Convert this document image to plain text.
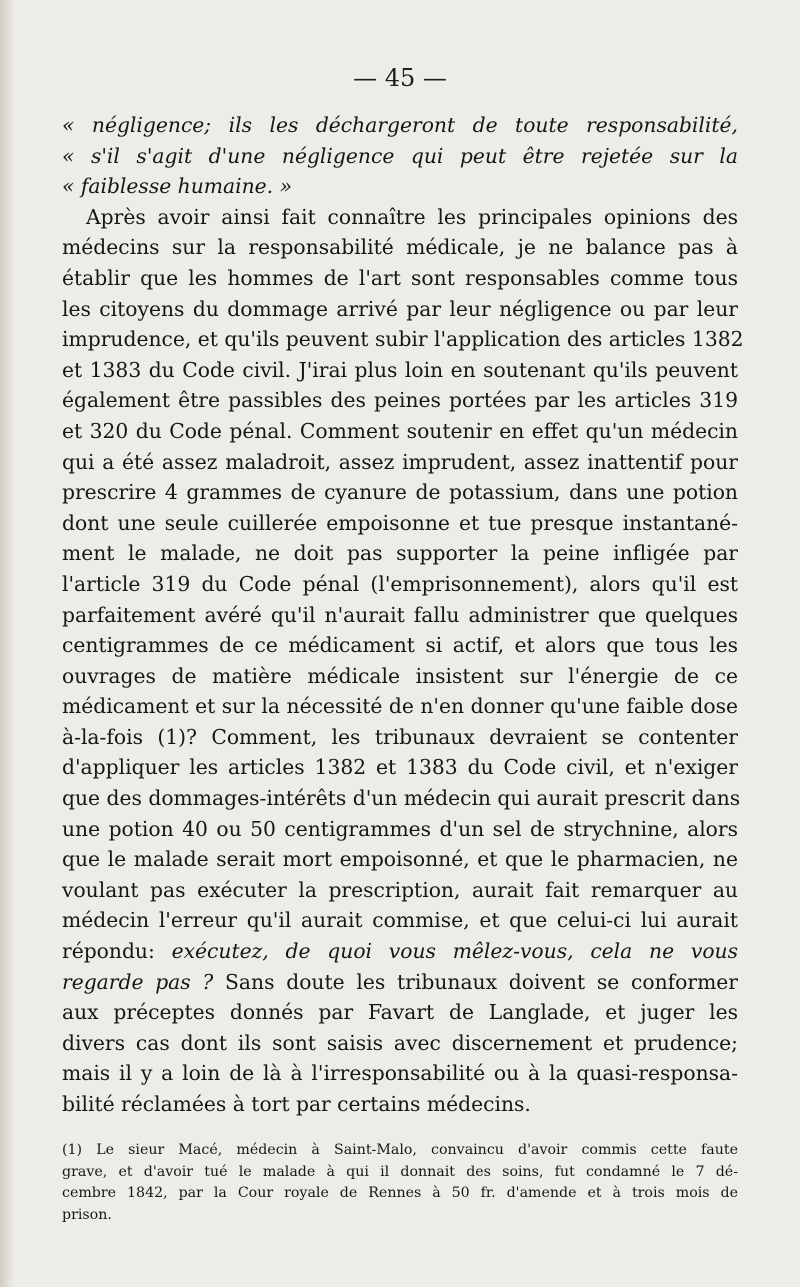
— 45 —
« négligence; ils les déchargeront de toute responsabilité,
« s'il s'agit d'une négligence qui peut être rejetée sur la
« faiblesse humaine. »
Après avoir ainsi fait connaître les principales opinions des
médecins sur la responsabilité médicale, je ne balance pas à
établir que les hommes de l'art sont responsables comme tous
les citoyens du dommage arrivé par leur négligence ou par leur
imprudence, et qu'ils peuvent subir l'application des articles 1382
et 1383 du Code civil. J'irai plus loin en soutenant qu'ils peuvent
également être passibles des peines portées par les articles 319
et 320 du Code pénal. Comment soutenir en effet qu'un médecin
qui a été assez maladroit, assez imprudent, assez inattentif pour
prescrire 4 grammes de cyanure de potassium, dans une potion
dont une seule cuillerée empoisonne et tue presque instantané-
ment le malade, ne doit pas supporter la peine infligée par
l'article 319 du Code pénal (l'emprisonnement), alors qu'il est
parfaitement avéré qu'il n'aurait fallu administrer que quelques
centigrammes de ce médicament si actif, et alors que tous les
ouvrages de matière médicale insistent sur l'énergie de ce
médicament et sur la nécessité de n'en donner qu'une faible dose
à-la-fois (1)? Comment, les tribunaux devraient se contenter
d'appliquer les articles 1382 et 1383 du Code civil, et n'exiger
que des dommages-intérêts d'un médecin qui aurait prescrit dans
une potion 40 ou 50 centigrammes d'un sel de strychnine, alors
que le malade serait mort empoisonné, et que le pharmacien, ne
voulant pas exécuter la prescription, aurait fait remarquer au
médecin l'erreur qu'il aurait commise, et que celui-ci lui aurait
répondu: exécutez, de quoi vous mêlez-vous, cela ne vous
regarde pas ? Sans doute les tribunaux doivent se conformer
aux préceptes donnés par Favart de Langlade, et juger les
divers cas dont ils sont saisis avec discernement et prudence;
mais il y a loin de là à l'irresponsabilité ou à la quasi-responsa-
bilité réclamées à tort par certains médecins.
(1) Le sieur Macé, médecin à Saint-Malo, convaincu d'avoir commis cette faute
grave, et d'avoir tué le malade à qui il donnait des soins, fut condamné le 7 dé-
cembre 1842, par la Cour royale de Rennes à 50 fr. d'amende et à trois mois de
prison.
